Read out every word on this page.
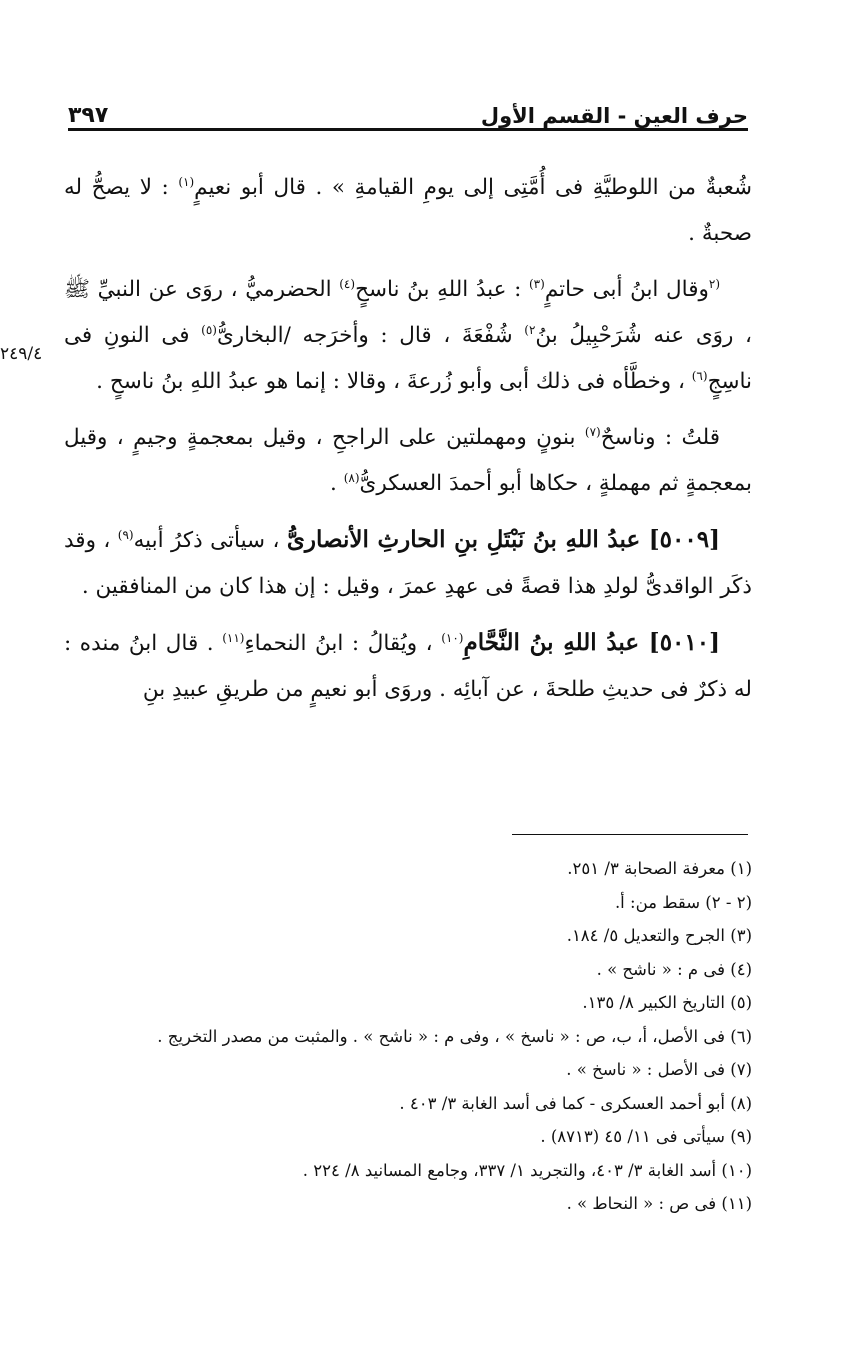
حرف العين - القسم الأول
٣٩٧
٢٤٩/٤

شُعبةٌ من اللوطيَّةِ فى أُمَّتِى إلى يومِ القيامةِ » . قال أبو نعيمٍ$^{(١)}$ : لا يصحُّ له صحبةٌ .

$^{(٢}$وقال ابنُ أبى حاتمٍ$^{(٣)}$ : عبدُ اللهِ بنُ ناسحٍ$^{(٤)}$ الحضرميُّ ، روَى عن النبيِّ ﷺ ، روَى عنه شُرَحْبِيلُ بنُ$^{٢)}$ شُفْعَةَ ، قال : وأخرَجه /البخارىُّ$^{(٥)}$ فى النونِ فى ناسِجٍ$^{(٦)}$ ، وخطَّأه فى ذلك أبى وأبو زُرعةَ ، وقالا : إنما هو عبدُ اللهِ بنُ ناسحٍ .

قلتُ : وناسحٌ$^{(٧)}$ بنونٍ ومهملتين على الراجحِ ، وقيل بمعجمةٍ وجيمٍ ، وقيل بمعجمةٍ ثم مهملةٍ ، حكاها أبو أحمدَ العسكرىُّ$^{(٨)}$ .

[٥٠٠٩] عبدُ اللهِ بنُ نَبْتَلِ بنِ الحارثِ الأنصارىُّ ، سيأتى ذكرُ أبيه$^{(٩)}$ ، وقد ذكَر الواقدىُّ لولدِ هذا قصةً فى عهدِ عمرَ ، وقيل : إن هذا كان من المنافقين .

[٥٠١٠] عبدُ اللهِ بنُ النَّحَّامِ$^{(١٠)}$ ، ويُقالُ : ابنُ النحماءِ$^{(١١)}$ . قال ابنُ منده : له ذكرٌ فى حديثِ طلحةَ ، عن آبائِه . وروَى أبو نعيمٍ من طريقِ عبيدِ بنِ

(١) معرفة الصحابة ٣/ ٢٥١.

(٢ - ٢) سقط من: أ.

(٣) الجرح والتعديل ٥/ ١٨٤.

(٤) فى م : « ناشح » .

(٥) التاريخ الكبير ٨/ ١٣٥.

(٦) فى الأصل، أ، ب، ص : « ناسخ » ، وفى م : « ناشح » . والمثبت من مصدر التخريج .

(٧) فى الأصل : « ناسخ » .

(٨) أبو أحمد العسكرى - كما فى أسد الغابة ٣/ ٤٠٣ .

(٩) سيأتى فى ١١/ ٤٥ (٨٧١٣) .

(١٠) أسد الغابة ٣/ ٤٠٣، والتجريد ١/ ٣٣٧، وجامع المسانيد ٨/ ٢٢٤ .

(١١) فى ص : « النحاط » .
